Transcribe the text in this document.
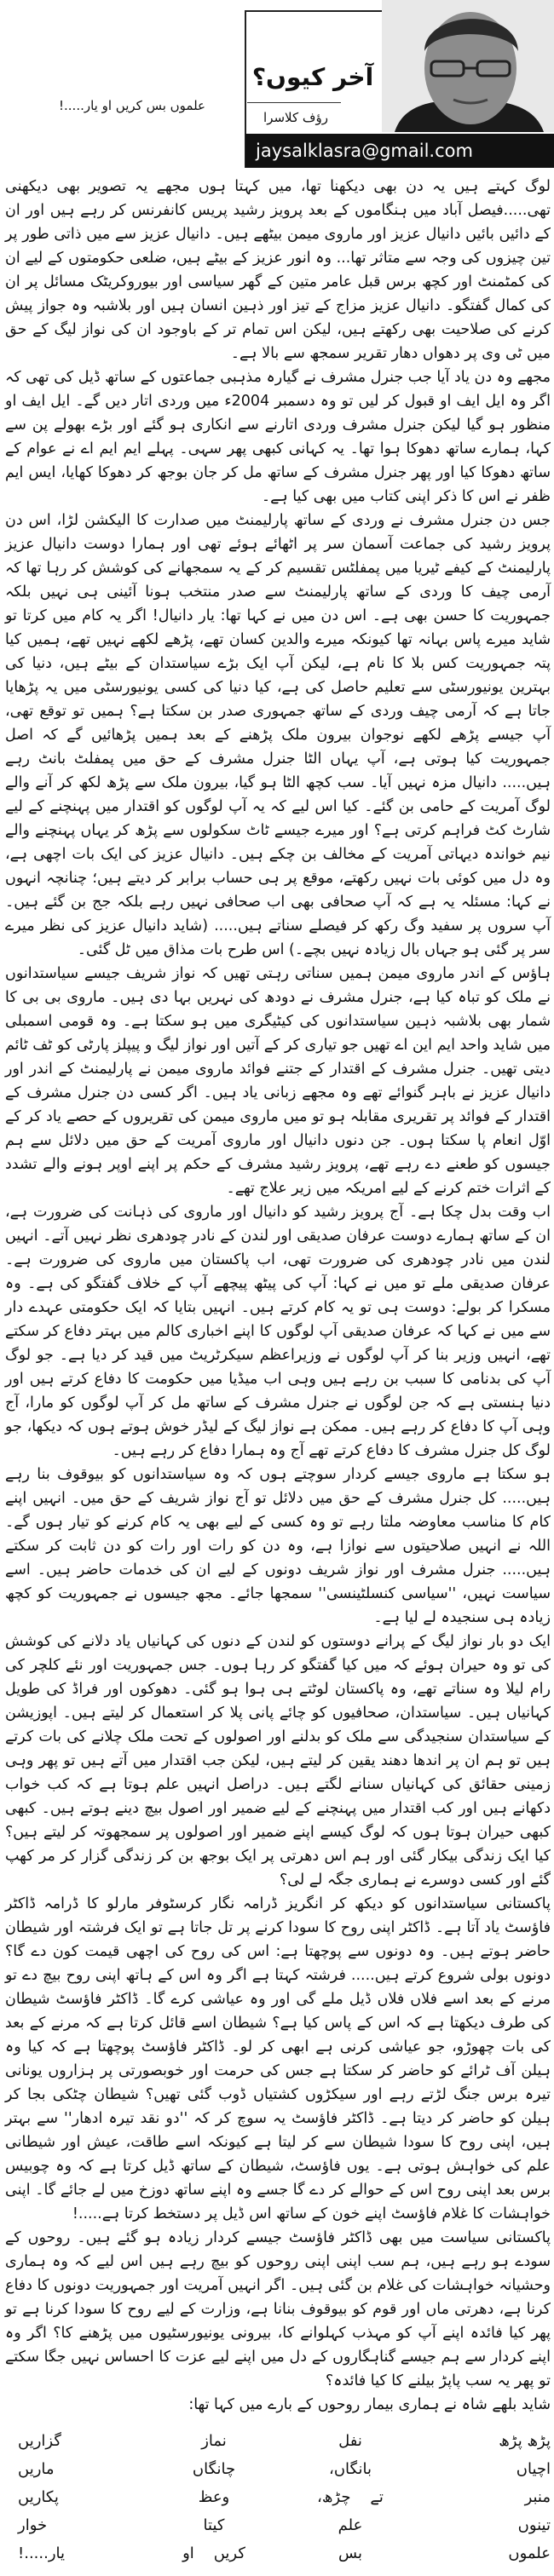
آخر کیوں؟
رؤف کلاسرا
jaysalklasra@gmail.com
علموں بس کریں او یار.....!

لوگ کہتے ہیں یہ دن بھی دیکھنا تھا، میں کہتا ہوں مجھے یہ تصویر بھی دیکھنی تھی.....فیصل آباد میں ہنگاموں کے بعد پرویز رشید پریس کانفرنس کر رہے ہیں اور ان کے دائیں بائیں دانیال عزیز اور ماروی میمن بیٹھے ہیں۔ دانیال عزیز سے میں ذاتی طور پر تین چیزوں کی وجہ سے متاثر تھا... وہ انور عزیز کے بیٹے ہیں، ضلعی حکومتوں کے لیے ان کی کمٹمنٹ اور کچھ برس قبل عامر متین کے گھر سیاسی اور بیوروکریٹک مسائل پر ان کی کمال گفتگو۔ دانیال عزیز مزاج کے تیز اور ذہین انسان ہیں اور بلاشبہ وہ جواز پیش کرنے کی صلاحیت بھی رکھتے ہیں، لیکن اس تمام تر کے باوجود ان کی نواز لیگ کے حق میں ٹی وی پر دھواں دھار تقریر سمجھ سے بالا ہے۔

مجھے وہ دن یاد آیا جب جنرل مشرف نے گیارہ مذہبی جماعتوں کے ساتھ ڈیل کی تھی کہ اگر وہ ایل ایف او قبول کر لیں تو وہ دسمبر 2004ء میں وردی اتار دیں گے۔ ایل ایف او منظور ہو گیا لیکن جنرل مشرف وردی اتارنے سے انکاری ہو گئے اور بڑے بھولے پن سے کہا، ہمارے ساتھ دھوکا ہوا تھا۔ یہ کہانی کبھی پھر سہی۔ پہلے ایم ایم اے نے عوام کے ساتھ دھوکا کیا اور پھر جنرل مشرف کے ساتھ مل کر جان بوجھ کر دھوکا کھایا، ایس ایم ظفر نے اس کا ذکر اپنی کتاب میں بھی کیا ہے۔

جس دن جنرل مشرف نے وردی کے ساتھ پارلیمنٹ میں صدارت کا الیکشن لڑا، اس دن پرویز رشید کی جماعت آسمان سر پر اٹھائے ہوئے تھی اور ہمارا دوست دانیال عزیز پارلیمنٹ کے کیفے ٹیریا میں پمفلٹس تقسیم کر کے یہ سمجھانے کی کوشش کر رہا تھا کہ آرمی چیف کا وردی کے ساتھ پارلیمنٹ سے صدر منتخب ہونا آئینی ہی نہیں بلکہ جمہوریت کا حسن بھی ہے۔ اس دن میں نے کہا تھا: یار دانیال! اگر یہ کام میں کرتا تو شاید میرے پاس بہانہ تھا کیونکہ میرے والدین کسان تھے، پڑھے لکھے نہیں تھے، ہمیں کیا پتہ جمہوریت کس بلا کا نام ہے، لیکن آپ ایک بڑے سیاستدان کے بیٹے ہیں، دنیا کی بہترین یونیورسٹی سے تعلیم حاصل کی ہے، کیا دنیا کی کسی یونیورسٹی میں یہ پڑھایا جاتا ہے کہ آرمی چیف وردی کے ساتھ جمہوری صدر بن سکتا ہے؟ ہمیں تو توقع تھی، آپ جیسے پڑھے لکھے نوجوان بیرون ملک پڑھنے کے بعد ہمیں پڑھائیں گے کہ اصل جمہوریت کیا ہوتی ہے، آپ یہاں الٹا جنرل مشرف کے حق میں پمفلٹ بانٹ رہے ہیں..... دانیال مزہ نہیں آیا۔ سب کچھ الٹا ہو گیا، بیرون ملک سے پڑھ لکھ کر آنے والے لوگ آمریت کے حامی بن گئے۔ کیا اس لیے کہ یہ آپ لوگوں کو اقتدار میں پہنچنے کے لیے شارٹ کٹ فراہم کرتی ہے؟ اور میرے جیسے ٹاٹ سکولوں سے پڑھ کر یہاں پہنچنے والے نیم خواندہ دیہاتی آمریت کے مخالف بن چکے ہیں۔ دانیال عزیز کی ایک بات اچھی ہے، وہ دل میں کوئی بات نہیں رکھتے، موقع پر ہی حساب برابر کر دیتے ہیں؛ چنانچہ انہوں نے کہا: مسئلہ یہ ہے کہ آپ صحافی بھی اب صحافی نہیں رہے بلکہ جج بن گئے ہیں۔ آپ سروں پر سفید وگ رکھ کر فیصلے سناتے ہیں..... (شاید دانیال عزیز کی نظر میرے سر پر گئی ہو جہاں بال زیادہ نہیں بچے۔) اس طرح بات مذاق میں ٹل گئی۔

ہاؤس کے اندر ماروی میمن ہمیں سناتی رہتی تھیں کہ نواز شریف جیسے سیاستدانوں نے ملک کو تباہ کیا ہے، جنرل مشرف نے دودھ کی نہریں بہا دی ہیں۔ ماروی بی بی کا شمار بھی بلاشبہ ذہین سیاستدانوں کی کیٹیگری میں ہو سکتا ہے۔ وہ قومی اسمبلی میں شاید واحد ایم این اے تھیں جو تیاری کر کے آتیں اور نواز لیگ و پیپلز پارٹی کو ٹف ٹائم دیتی تھیں۔ جنرل مشرف کے اقتدار کے جتنے فوائد ماروی میمن نے پارلیمنٹ کے اندر اور دانیال عزیز نے باہر گنوائے تھے وہ مجھے زبانی یاد ہیں۔ اگر کسی دن جنرل مشرف کے اقتدار کے فوائد پر تقریری مقابلہ ہو تو میں ماروی میمن کی تقریروں کے حصے یاد کر کے اوّل انعام پا سکتا ہوں۔ جن دنوں دانیال اور ماروی آمریت کے حق میں دلائل سے ہم جیسوں کو طعنے دے رہے تھے، پرویز رشید مشرف کے حکم پر اپنے اوپر ہونے والے تشدد کے اثرات ختم کرنے کے لیے امریکہ میں زیر علاج تھے۔

اب وقت بدل چکا ہے۔ آج پرویز رشید کو دانیال اور ماروی کی ذہانت کی ضرورت ہے، ان کے ساتھ ہمارے دوست عرفان صدیقی اور لندن کے نادر چودھری نظر نہیں آتے۔ انہیں لندن میں نادر چودھری کی ضرورت تھی، اب پاکستان میں ماروی کی ضرورت ہے۔ عرفان صدیقی ملے تو میں نے کہا: آپ کی پیٹھ پیچھے آپ کے خلاف گفتگو کی ہے۔ وہ مسکرا کر بولے: دوست ہی تو یہ کام کرتے ہیں۔ انہیں بتایا کہ ایک حکومتی عہدے دار سے میں نے کہا کہ عرفان صدیقی آپ لوگوں کا اپنے اخباری کالم میں بہتر دفاع کر سکتے تھے، انہیں وزیر بنا کر آپ لوگوں نے وزیراعظم سیکرٹریٹ میں قید کر دیا ہے۔ جو لوگ آپ کی بدنامی کا سبب بن رہے ہیں وہی اب میڈیا میں حکومت کا دفاع کرتے ہیں اور دنیا ہنستی ہے کہ جن لوگوں نے جنرل مشرف کے ساتھ مل کر آپ لوگوں کو مارا، آج وہی آپ کا دفاع کر رہے ہیں۔ ممکن ہے نواز لیگ کے لیڈر خوش ہوتے ہوں کہ دیکھا، جو لوگ کل جنرل مشرف کا دفاع کرتے تھے آج وہ ہمارا دفاع کر رہے ہیں۔

ہو سکتا ہے ماروی جیسے کردار سوچتے ہوں کہ وہ سیاستدانوں کو بیوقوف بنا رہے ہیں..... کل جنرل مشرف کے حق میں دلائل تو آج نواز شریف کے حق میں۔ انہیں اپنے کام کا مناسب معاوضہ ملتا رہے تو وہ کسی کے لیے بھی یہ کام کرنے کو تیار ہوں گے۔ اللہ نے انہیں صلاحیتوں سے نوازا ہے، وہ دن کو رات اور رات کو دن ثابت کر سکتے ہیں..... جنرل مشرف اور نواز شریف دونوں کے لیے ان کی خدمات حاضر ہیں۔ اسے سیاست نہیں، ''سیاسی کنسلٹینسی'' سمجھا جائے۔ مجھ جیسوں نے جمہوریت کو کچھ زیادہ ہی سنجیدہ لے لیا ہے۔

ایک دو بار نواز لیگ کے پرانے دوستوں کو لندن کے دنوں کی کہانیاں یاد دلانے کی کوشش کی تو وہ حیران ہوئے کہ میں کیا گفتگو کر رہا ہوں۔ جس جمہوریت اور نئے کلچر کی رام لیلا وہ سناتے تھے، وہ پاکستان لوٹتے ہی ہوا ہو گئی۔ دھوکوں اور فراڈ کی طویل کہانیاں ہیں۔ سیاستدان، صحافیوں کو چائے پانی پلا کر استعمال کر لیتے ہیں۔ اپوزیشن کے سیاستدان سنجیدگی سے ملک کو بدلنے اور اصولوں کے تحت ملک چلانے کی بات کرتے ہیں تو ہم ان پر اندھا دھند یقین کر لیتے ہیں، لیکن جب اقتدار میں آتے ہیں تو پھر وہی زمینی حقائق کی کہانیاں سنانے لگتے ہیں۔ دراصل انہیں علم ہوتا ہے کہ کب خواب دکھانے ہیں اور کب اقتدار میں پہنچنے کے لیے ضمیر اور اصول بیچ دینے ہوتے ہیں۔ کبھی کبھی حیران ہوتا ہوں کہ لوگ کیسے اپنے ضمیر اور اصولوں پر سمجھوتہ کر لیتے ہیں؟ کیا ایک زندگی بیکار گئی اور ہم اس دھرتی پر ایک بوجھ بن کر زندگی گزار کر مر کھپ گئے اور کسی دوسرے نے ہماری جگہ لے لی؟

پاکستانی سیاستدانوں کو دیکھ کر انگریز ڈرامہ نگار کرسٹوفر مارلو کا ڈرامہ ڈاکٹر فاؤسٹ یاد آتا ہے۔ ڈاکٹر اپنی روح کا سودا کرنے پر تل جاتا ہے تو ایک فرشتہ اور شیطان حاضر ہوتے ہیں۔ وہ دونوں سے پوچھتا ہے: اس کی روح کی اچھی قیمت کون دے گا؟ دونوں بولی شروع کرتے ہیں..... فرشتہ کہتا ہے اگر وہ اس کے ہاتھ اپنی روح بیچ دے تو مرنے کے بعد اسے فلاں فلاں ڈیل ملے گی اور وہ عیاشی کرے گا۔ ڈاکٹر فاؤسٹ شیطان کی طرف دیکھتا ہے کہ اس کے پاس کیا ہے؟ شیطان اسے قائل کرتا ہے کہ مرنے کے بعد کی بات چھوڑو، جو عیاشی کرنی ہے ابھی کر لو۔ ڈاکٹر فاؤسٹ پوچھتا ہے کہ کیا وہ ہیلن آف ٹرائے کو حاضر کر سکتا ہے جس کی حرمت اور خوبصورتی پر ہزاروں یونانی تیرہ برس جنگ لڑتے رہے اور سیکڑوں کشتیاں ڈوب گئی تھیں؟ شیطان چٹکی بجا کر ہیلن کو حاضر کر دیتا ہے۔ ڈاکٹر فاؤسٹ یہ سوچ کر کہ ''دو نقد تیرہ ادھار'' سے بہتر ہیں، اپنی روح کا سودا شیطان سے کر لیتا ہے کیونکہ اسے طاقت، عیش اور شیطانی علم کی خواہش ہوتی ہے۔ یوں فاؤسٹ، شیطان کے ساتھ ڈیل کرتا ہے کہ وہ چوبیس برس بعد اپنی روح اس کے حوالے کر دے گا جسے وہ اپنے ساتھ دوزخ میں لے جائے گا۔ اپنی خواہشات کا غلام فاؤسٹ اپنے خون کے ساتھ اس ڈیل پر دستخط کرتا ہے.....!

پاکستانی سیاست میں بھی ڈاکٹر فاؤسٹ جیسے کردار زیادہ ہو گئے ہیں۔ روحوں کے سودے ہو رہے ہیں، ہم سب اپنی اپنی روحوں کو بیچ رہے ہیں اس لیے کہ وہ ہماری وحشیانہ خواہشات کی غلام بن گئی ہیں۔ اگر انہیں آمریت اور جمہوریت دونوں کا دفاع کرنا ہے، دھرتی ماں اور قوم کو بیوقوف بنانا ہے، وزارت کے لیے روح کا سودا کرنا ہے تو پھر کیا فائدہ اپنے آپ کو مہذب کہلوانے کا، بیرونی یونیورسٹیوں میں پڑھنے کا؟ اگر وہ اپنے کردار سے ہم جیسے گناہگاروں کے دل میں اپنے لیے عزت کا احساس نہیں جگا سکتے تو پھر یہ سب پاپڑ بیلنے کا کیا فائدہ؟

شاید بلھے شاہ نے ہماری بیمار روحوں کے بارے میں کہا تھا:

پڑھ پڑھ
نفل
نماز
گزاریں
اچیاں
بانگاں،
چانگاں
ماریں
منبر
تے    چڑھ،
وعظ
پکاریں
تینوں
علم
کیتا
خوار
علموں
بس
کریں    او
یار.....!
